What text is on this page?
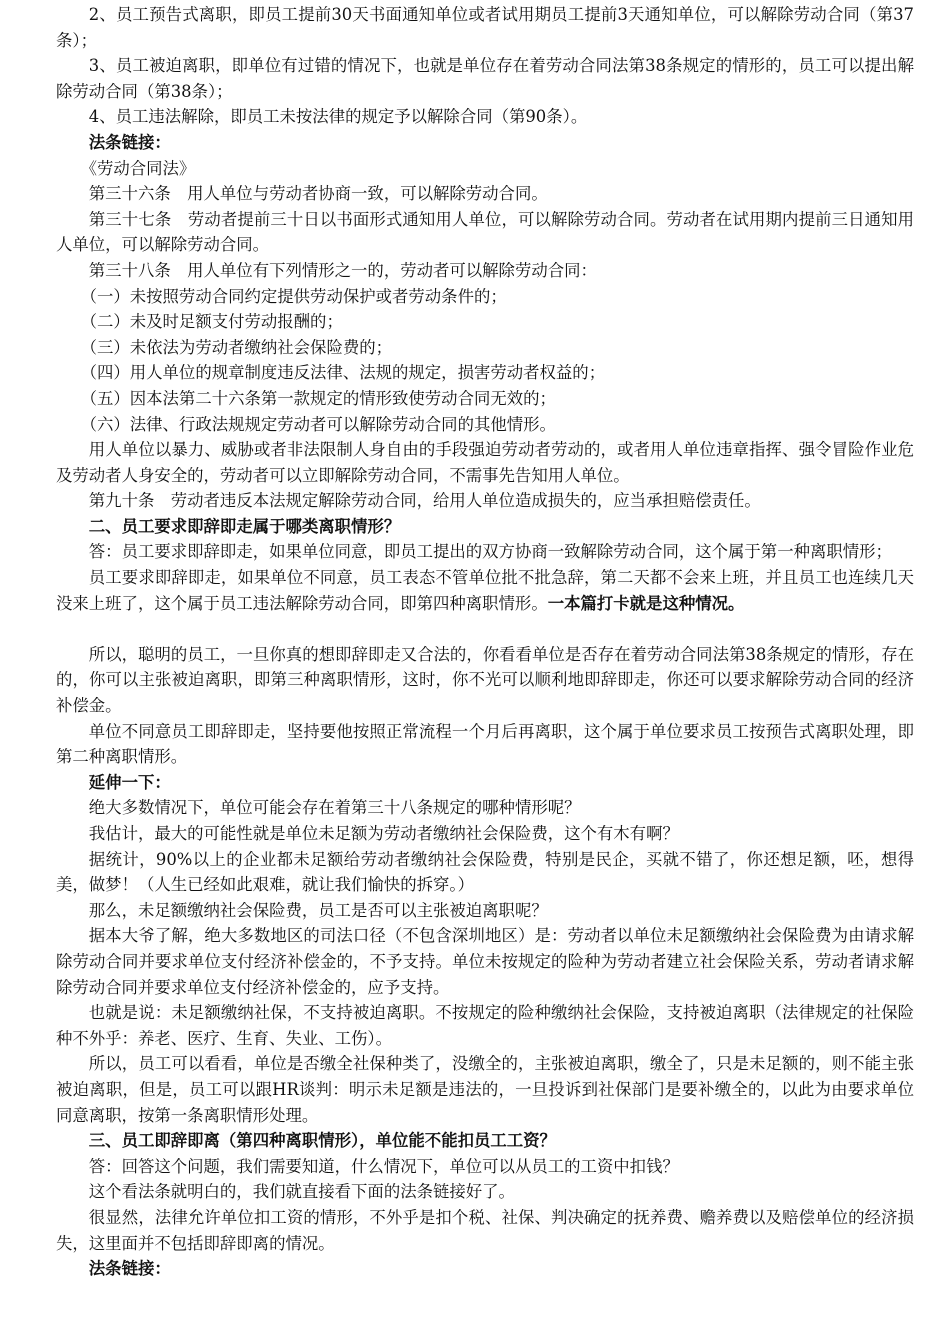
2、员工预告式离职，即员工提前30天书面通知单位或者试用期员工提前3天通知单位，可以解除劳动合同（第37条）；

3、员工被迫离职，即单位有过错的情况下，也就是单位存在着劳动合同法第38条规定的情形的，员工可以提出解除劳动合同（第38条）；

4、员工违法解除，即员工未按法律的规定予以解除合同（第90条）。

法条链接：

《劳动合同法》

第三十六条　用人单位与劳动者协商一致，可以解除劳动合同。

第三十七条　劳动者提前三十日以书面形式通知用人单位，可以解除劳动合同。劳动者在试用期内提前三日通知用人单位，可以解除劳动合同。

第三十八条　用人单位有下列情形之一的，劳动者可以解除劳动合同：

（一）未按照劳动合同约定提供劳动保护或者劳动条件的；

（二）未及时足额支付劳动报酬的；

（三）未依法为劳动者缴纳社会保险费的；

（四）用人单位的规章制度违反法律、法规的规定，损害劳动者权益的；

（五）因本法第二十六条第一款规定的情形致使劳动合同无效的；

（六）法律、行政法规规定劳动者可以解除劳动合同的其他情形。

用人单位以暴力、威胁或者非法限制人身自由的手段强迫劳动者劳动的，或者用人单位违章指挥、强令冒险作业危及劳动者人身安全的，劳动者可以立即解除劳动合同，不需事先告知用人单位。

第九十条　劳动者违反本法规定解除劳动合同，给用人单位造成损失的，应当承担赔偿责任。

二、员工要求即辞即走属于哪类离职情形？

答：员工要求即辞即走，如果单位同意，即员工提出的双方协商一致解除劳动合同，这个属于第一种离职情形；

员工要求即辞即走，如果单位不同意，员工表态不管单位批不批急辞，第二天都不会来上班，并且员工也连续几天没来上班了，这个属于员工违法解除劳动合同，即第四种离职情形。一本篇打卡就是这种情况。

所以，聪明的员工，一旦你真的想即辞即走又合法的，你看看单位是否存在着劳动合同法第38条规定的情形，存在的，你可以主张被迫离职，即第三种离职情形，这时，你不光可以顺利地即辞即走，你还可以要求解除劳动合同的经济补偿金。

单位不同意员工即辞即走，坚持要他按照正常流程一个月后再离职，这个属于单位要求员工按预告式离职处理，即第二种离职情形。

延伸一下：

绝大多数情况下，单位可能会存在着第三十八条规定的哪种情形呢？

我估计，最大的可能性就是单位未足额为劳动者缴纳社会保险费，这个有木有啊？

据统计，90%以上的企业都未足额给劳动者缴纳社会保险费，特别是民企，买就不错了，你还想足额，呸，想得美，做梦！（人生已经如此艰难，就让我们愉快的拆穿。）

那么，未足额缴纳社会保险费，员工是否可以主张被迫离职呢？

据本大爷了解，绝大多数地区的司法口径（不包含深圳地区）是：劳动者以单位未足额缴纳社会保险费为由请求解除劳动合同并要求单位支付经济补偿金的，不予支持。单位未按规定的险种为劳动者建立社会保险关系，劳动者请求解除劳动合同并要求单位支付经济补偿金的，应予支持。

也就是说：未足额缴纳社保，不支持被迫离职。不按规定的险种缴纳社会保险，支持被迫离职（法律规定的社保险种不外乎：养老、医疗、生育、失业、工伤）。

所以，员工可以看看，单位是否缴全社保种类了，没缴全的，主张被迫离职，缴全了，只是未足额的，则不能主张被迫离职，但是，员工可以跟HR谈判：明示未足额是违法的，一旦投诉到社保部门是要补缴全的，以此为由要求单位同意离职，按第一条离职情形处理。

三、员工即辞即离（第四种离职情形），单位能不能扣员工工资？

答：回答这个问题，我们需要知道，什么情况下，单位可以从员工的工资中扣钱？

这个看法条就明白的，我们就直接看下面的法条链接好了。

很显然，法律允许单位扣工资的情形，不外乎是扣个税、社保、判决确定的抚养费、赡养费以及赔偿单位的经济损失，这里面并不包括即辞即离的情况。

法条链接：
